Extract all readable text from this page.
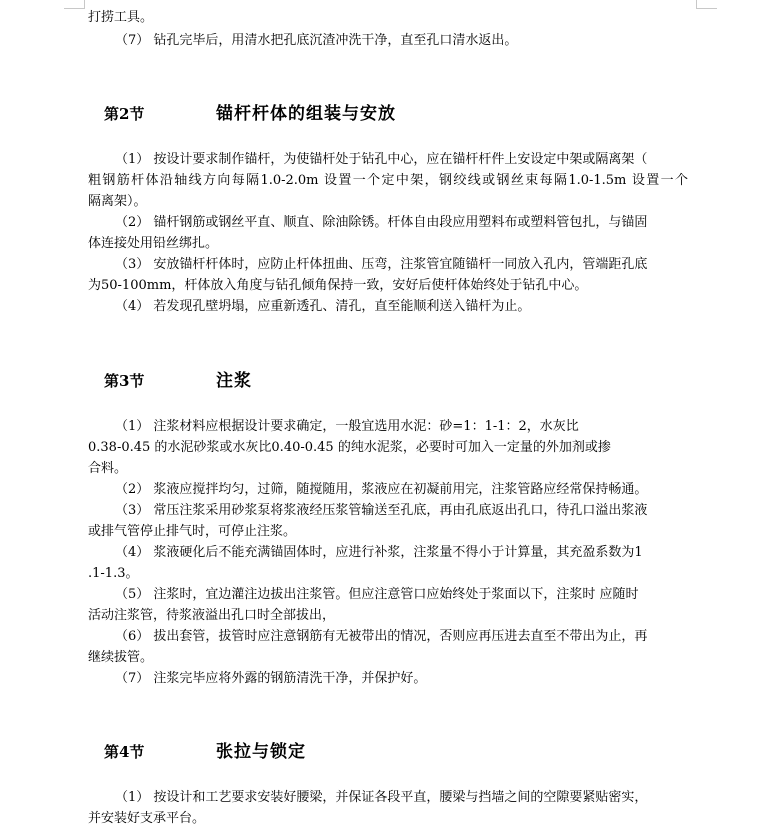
打捞工具。
（7） 钻孔完毕后，用清水把孔底沉渣冲洗干净，直至孔口清水返出。
第2节	锚杆杆体的组装与安放
（1） 按设计要求制作锚杆，为使锚杆处于钻孔中心，应在锚杆杆件上安设定中架或隔离架（
粗钢筋杆体沿轴线方向每隔1.0-2.0m 设置一个定中架，钢绞线或钢丝束每隔1.0-1.5m 设置一个
隔离架）。
（2） 锚杆钢筋或钢丝平直、顺直、除油除锈。杆体自由段应用塑料布或塑料管包扎，与锚固
体连接处用铅丝绑扎。
（3） 安放锚杆杆体时，应防止杆体扭曲、压弯，注浆管宜随锚杆一同放入孔内，管端距孔底
为50-100mm，杆体放入角度与钻孔倾角保持一致，安好后使杆体始终处于钻孔中心。
（4） 若发现孔壁坍塌，应重新透孔、清孔，直至能顺利送入锚杆为止。
第3节	注浆
（1） 注浆材料应根据设计要求确定，一般宜选用水泥：砂=1：1-1：2，水灰比
0.38-0.45 的水泥砂浆或水灰比0.40-0.45 的纯水泥浆，必要时可加入一定量的外加剂或掺
合料。
（2） 浆液应搅拌均匀，过筛，随搅随用，浆液应在初凝前用完，注浆管路应经常保持畅通。
（3） 常压注浆采用砂浆泵将浆液经压浆管输送至孔底，再由孔底返出孔口，待孔口溢出浆液
或排气管停止排气时，可停止注浆。
（4） 浆液硬化后不能充满锚固体时，应进行补浆，注浆量不得小于计算量，其充盈系数为1
.1-1.3。
（5） 注浆时，宜边灌注边拔出注浆管。但应注意管口应始终处于浆面以下，注浆时 应随时
活动注浆管，待浆液溢出孔口时全部拔出，
（6） 拔出套管，拔管时应注意钢筋有无被带出的情况，否则应再压进去直至不带出为止，再
继续拔管。
（7） 注浆完毕应将外露的钢筋清洗干净，并保护好。
第4节	张拉与锁定
（1） 按设计和工艺要求安装好腰梁，并保证各段平直，腰梁与挡墙之间的空隙要紧贴密实，
并安装好支承平台。
